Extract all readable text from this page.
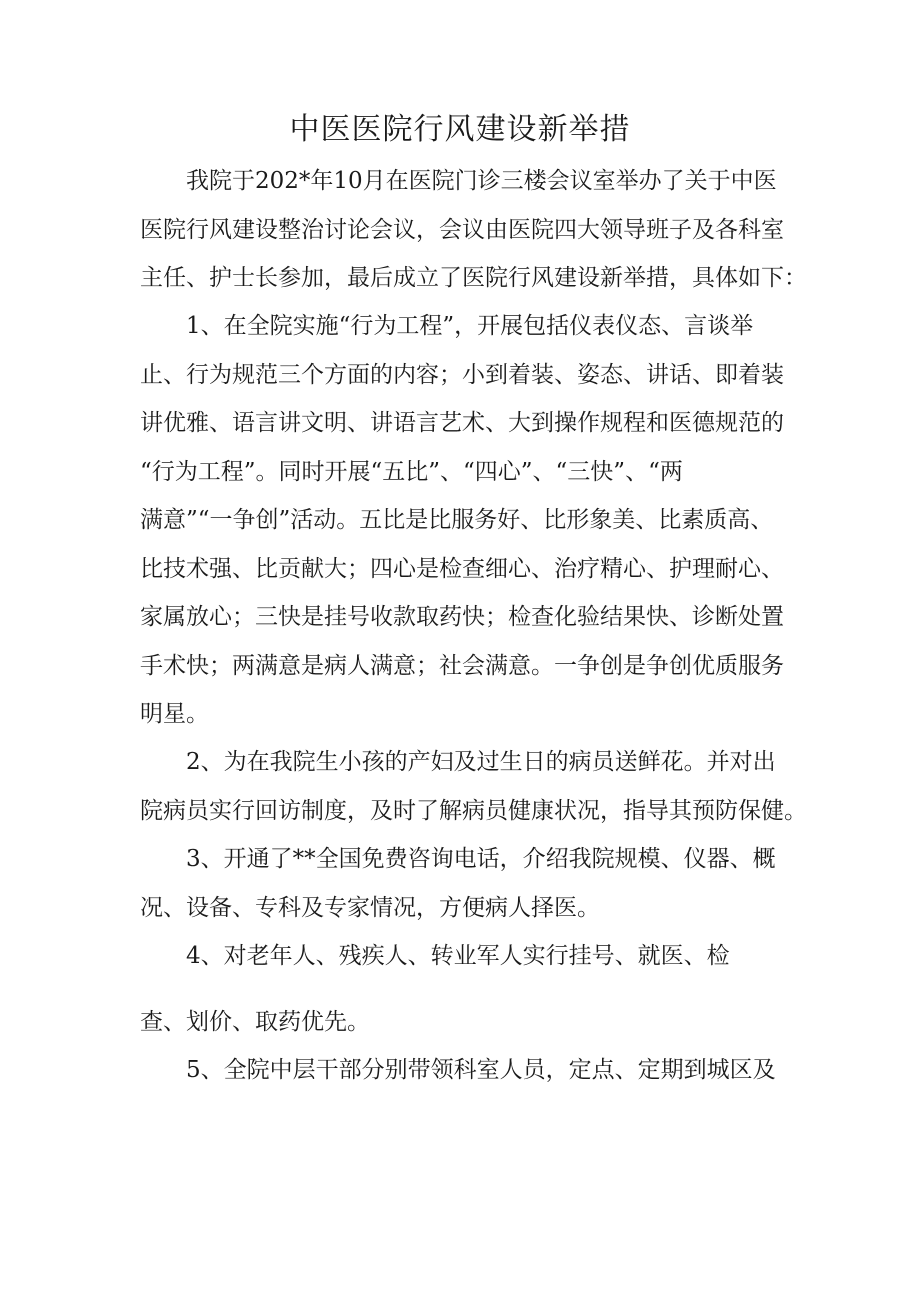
中医医院行风建设新举措
我院于202*年10月在医院门诊三楼会议室举办了关于中医
医院行风建设整治讨论会议，会议由医院四大领导班子及各科室
主任、护士长参加，最后成立了医院行风建设新举措，具体如下：
1、在全院实施“行为工程”，开展包括仪表仪态、言谈举
止、行为规范三个方面的内容；小到着装、姿态、讲话、即着装
讲优雅、语言讲文明、讲语言艺术、大到操作规程和医德规范的
“行为工程”。同时开展“五比”、“四心”、“三快”、“两
满意”“一争创”活动。五比是比服务好、比形象美、比素质高、
比技术强、比贡献大；四心是检查细心、治疗精心、护理耐心、
家属放心；三快是挂号收款取药快；检查化验结果快、诊断处置
手术快；两满意是病人满意；社会满意。一争创是争创优质服务
明星。
2、为在我院生小孩的产妇及过生日的病员送鲜花。并对出
院病员实行回访制度，及时了解病员健康状况，指导其预防保健。
3、开通了**全国免费咨询电话，介绍我院规模、仪器、概
况、设备、专科及专家情况，方便病人择医。
4、对老年人、残疾人、转业军人实行挂号、就医、检
查、划价、取药优先。
5、全院中层干部分别带领科室人员，定点、定期到城区及
